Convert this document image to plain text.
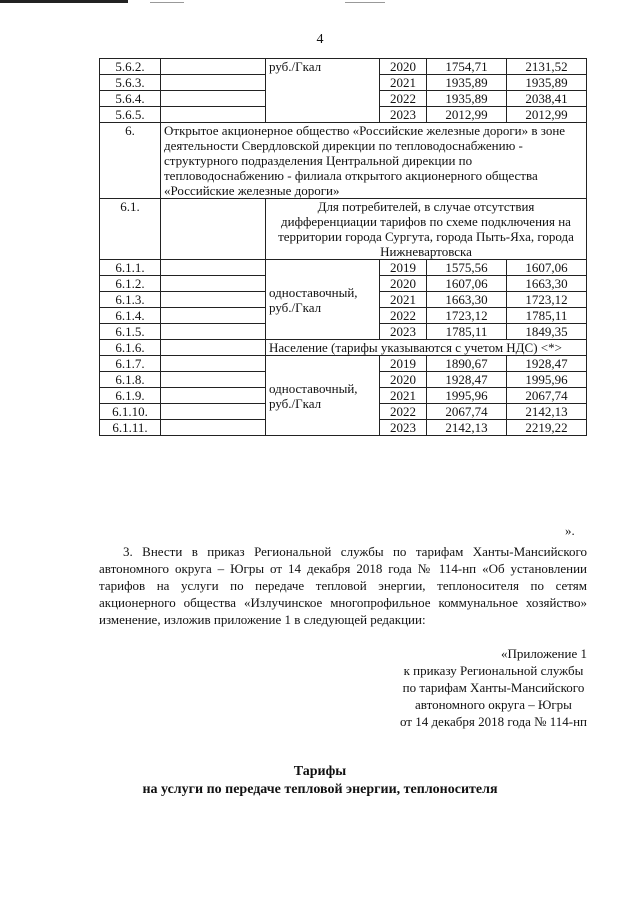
4
5.6.2.		руб./Гкал	2020	1754,71	2131,52
5.6.3.			2021	1935,89	1935,89
5.6.4.			2022	1935,89	2038,41
5.6.5.			2023	2012,99	2012,99
6.	Открытое акционерное общество «Российские железные дороги» в зоне деятельности Свердловской дирекции по тепловодоснабжению - структурного подразделения Центральной дирекции по тепловодоснабжению - филиала открытого акционерного общества «Российские железные дороги»				
6.1.		Для потребителей, в случае отсутствия дифференциации тарифов по схеме подключения на территории города Сургута, города Пыть-Яха, города Нижневартовска			
6.1.1.		одноставочный, руб./Гкал	2019	1575,56	1607,06
6.1.2.			2020	1607,06	1663,30
6.1.3.			2021	1663,30	1723,12
6.1.4.			2022	1723,12	1785,11
6.1.5.			2023	1785,11	1849,35
6.1.6.		Население (тарифы указываются с учетом НДС) <*>			
6.1.7.		одноставочный, руб./Гкал	2019	1890,67	1928,47
6.1.8.			2020	1928,47	1995,96
6.1.9.			2021	1995,96	2067,74
6.1.10.			2022	2067,74	2142,13
6.1.11.			2023	2142,13	2219,22
».
3. Внести в приказ Региональной службы по тарифам Ханты-Мансийского автономного округа – Югры от 14 декабря 2018 года № 114-нп «Об установлении тарифов на услуги по передаче тепловой энергии, теплоносителя по сетям акционерного общества «Излучинское многопрофильное коммунальное хозяйство» изменение, изложив приложение 1 в следующей редакции:
«Приложение 1
к приказу Региональной службы
по тарифам Ханты-Мансийского
автономного округа – Югры
от 14 декабря 2018 года № 114-нп
Тарифы
на услуги по передаче тепловой энергии, теплоносителя
